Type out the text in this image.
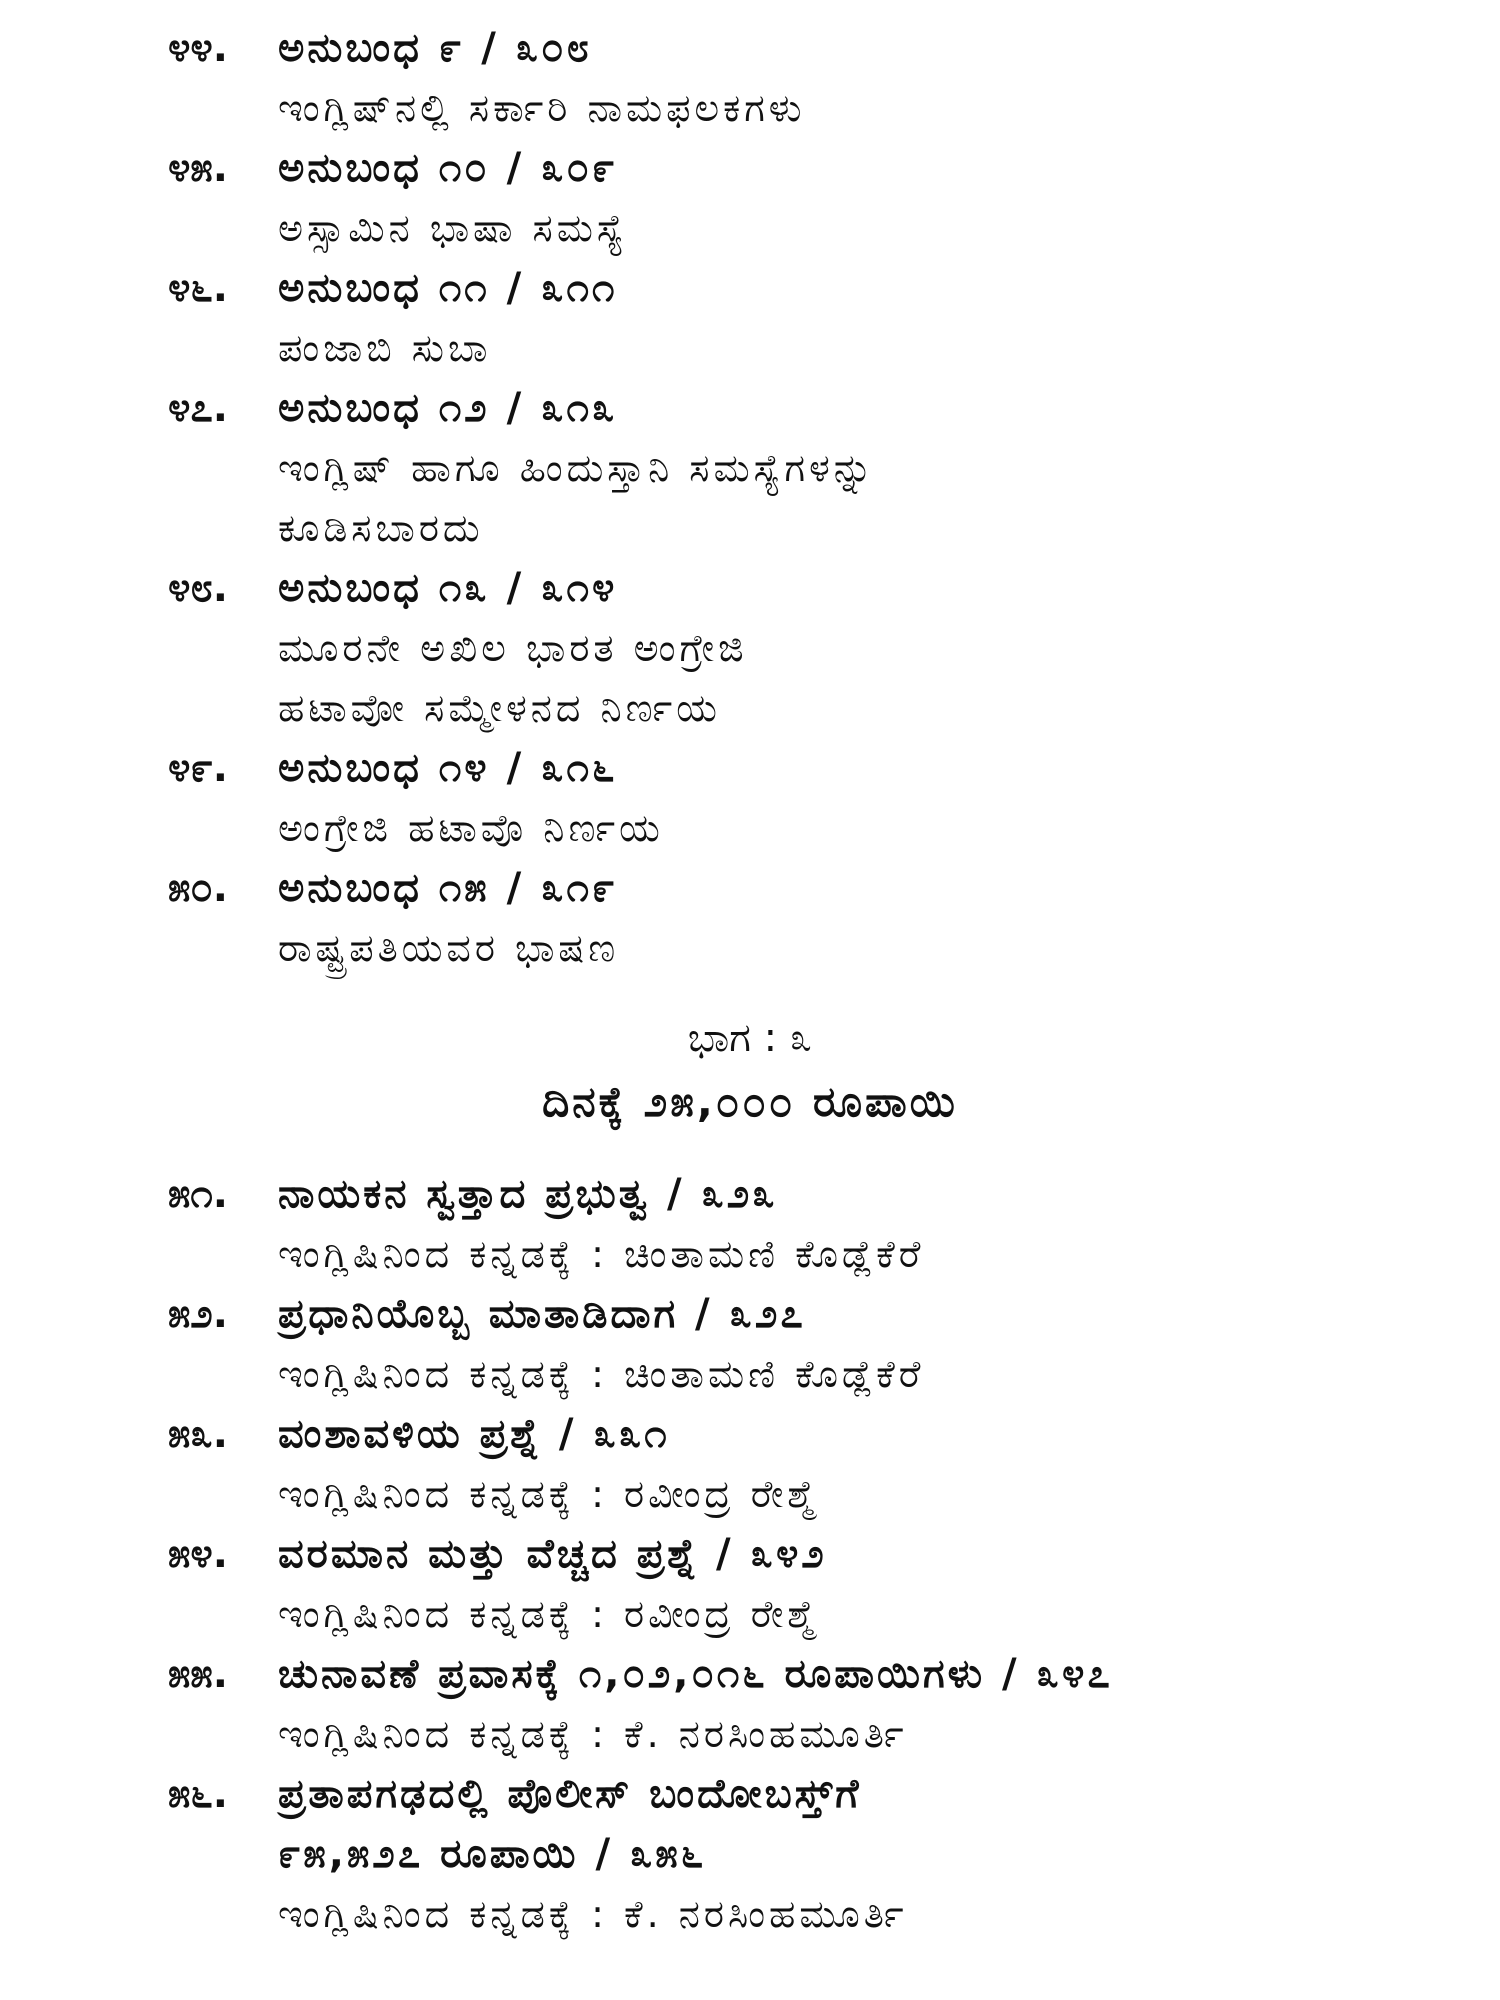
೪೪.	ಅನುಬಂಧ ೯ / ೩೦೮
ಇಂಗ್ಲಿಷ್‌ನಲ್ಲಿ ಸರ್ಕಾರಿ ನಾಮಫಲಕಗಳು
೪೫.	ಅನುಬಂಧ ೧೦ / ೩೦೯
ಅಸ್ಸಾಮಿನ ಭಾಷಾ ಸಮಸ್ಯೆ
೪೬.	ಅನುಬಂಧ ೧೧ / ೩೧೧
ಪಂಜಾಬಿ ಸುಬಾ
೪೭.	ಅನುಬಂಧ ೧೨ / ೩೧೩
ಇಂಗ್ಲಿಷ್ ಹಾಗೂ ಹಿಂದುಸ್ತಾನಿ ಸಮಸ್ಯೆಗಳನ್ನು
ಕೂಡಿಸಬಾರದು
೪೮.	ಅನುಬಂಧ ೧೩ / ೩೧೪
ಮೂರನೇ ಅಖಿಲ ಭಾರತ ಅಂಗ್ರೇಜಿ
ಹಟಾವೋ ಸಮ್ಮೇಳನದ ನಿರ್ಣಯ
೪೯.	ಅನುಬಂಧ ೧೪ / ೩೧೬
ಅಂಗ್ರೇಜಿ ಹಟಾವೊ ನಿರ್ಣಯ
೫೦.	ಅನುಬಂಧ ೧೫ / ೩೧೯
ರಾಷ್ಟ್ರಪತಿಯವರ ಭಾಷಣ
ಭಾಗ : ೩
ದಿನಕ್ಕೆ ೨೫,೦೦೦ ರೂಪಾಯಿ
೫೧.	ನಾಯಕನ ಸ್ವತ್ತಾದ ಪ್ರಭುತ್ವ / ೩೨೩
ಇಂಗ್ಲಿಷಿನಿಂದ ಕನ್ನಡಕ್ಕೆ : ಚಿಂತಾಮಣಿ ಕೊಡ್ಲೆಕೆರೆ
೫೨.	ಪ್ರಧಾನಿಯೊಬ್ಬ ಮಾತಾಡಿದಾಗ / ೩೨೭
ಇಂಗ್ಲಿಷಿನಿಂದ ಕನ್ನಡಕ್ಕೆ : ಚಿಂತಾಮಣಿ ಕೊಡ್ಲೆಕೆರೆ
೫೩.	ವಂಶಾವಳಿಯ ಪ್ರಶ್ನೆ / ೩೩೧
ಇಂಗ್ಲಿಷಿನಿಂದ ಕನ್ನಡಕ್ಕೆ : ರವೀಂದ್ರ ರೇಶ್ಮೆ
೫೪.	ವರಮಾನ ಮತ್ತು ವೆಚ್ಚದ ಪ್ರಶ್ನೆ / ೩೪೨
ಇಂಗ್ಲಿಷಿನಿಂದ ಕನ್ನಡಕ್ಕೆ : ರವೀಂದ್ರ ರೇಶ್ಮೆ
೫೫.	ಚುನಾವಣೆ ಪ್ರವಾಸಕ್ಕೆ ೧,೦೨,೦೧೬ ರೂಪಾಯಿಗಳು / ೩೪೭
ಇಂಗ್ಲಿಷಿನಿಂದ ಕನ್ನಡಕ್ಕೆ : ಕೆ. ನರಸಿಂಹಮೂರ್ತಿ
೫೬.	ಪ್ರತಾಪಗಢದಲ್ಲಿ ಪೊಲೀಸ್ ಬಂದೋಬಸ್ತ್‌ಗೆ
೯೫,೫೨೭ ರೂಪಾಯಿ / ೩೫೬
ಇಂಗ್ಲಿಷಿನಿಂದ ಕನ್ನಡಕ್ಕೆ : ಕೆ. ನರಸಿಂಹಮೂರ್ತಿ
